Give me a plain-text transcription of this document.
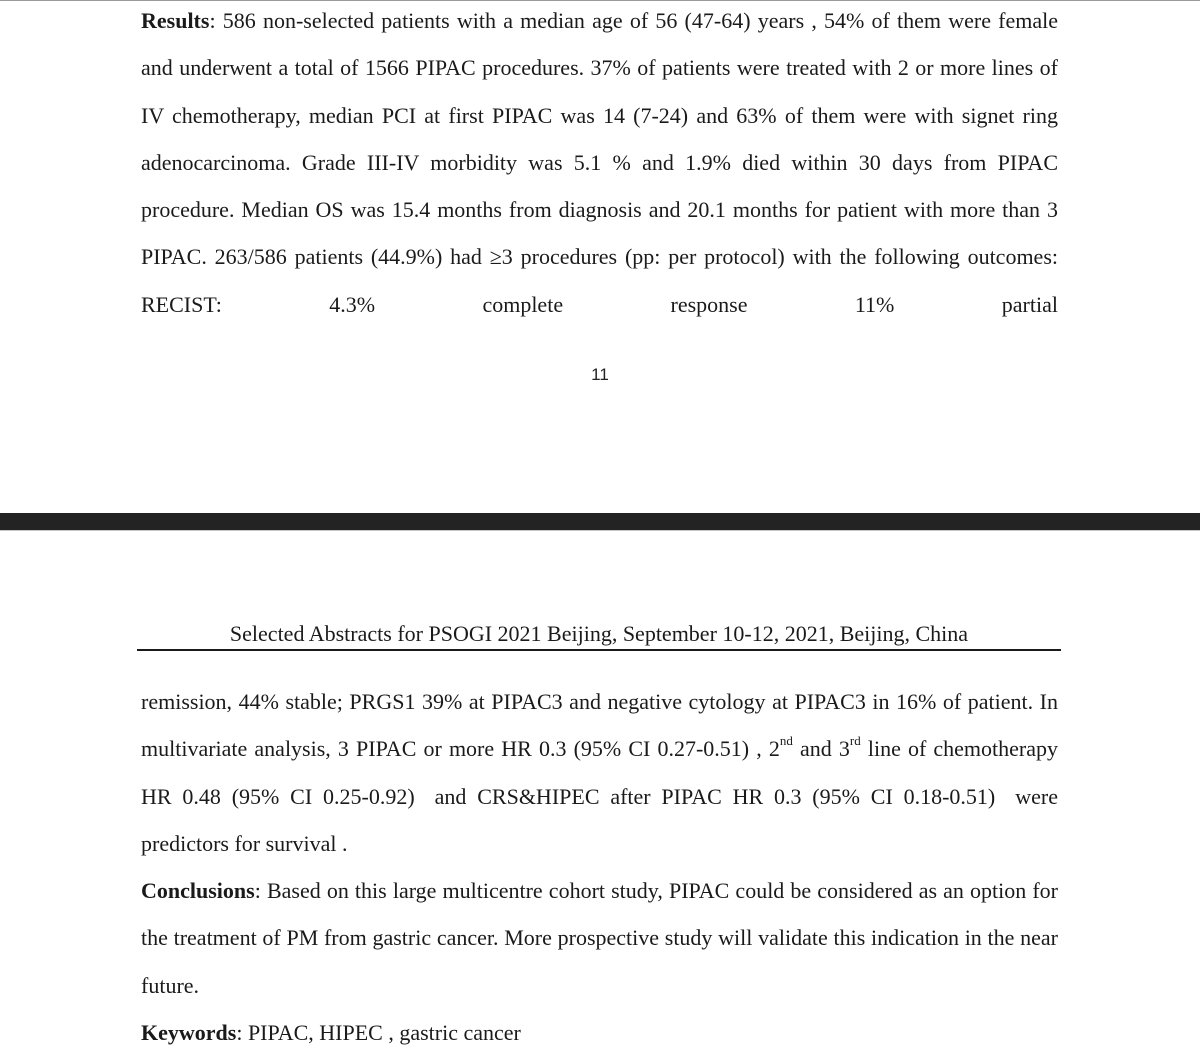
Results: 586 non-selected patients with a median age of 56 (47-64) years , 54% of them were female and underwent a total of 1566 PIPAC procedures. 37% of patients were treated with 2 or more lines of IV chemotherapy, median PCI at first PIPAC was 14 (7-24) and 63% of them were with signet ring adenocarcinoma. Grade III-IV morbidity was 5.1 % and 1.9% died within 30 days from PIPAC procedure. Median OS was 15.4 months from diagnosis and 20.1 months for patient with more than 3 PIPAC. 263/586 patients (44.9%) had ≥3 procedures (pp: per protocol) with the following outcomes: RECIST: 4.3% complete response 11% partial

11
Selected Abstracts for PSOGI 2021 Beijing, September 10-12, 2021, Beijing, China

remission, 44% stable; PRGS1 39% at PIPAC3 and negative cytology at PIPAC3 in 16% of patient. In multivariate analysis, 3 PIPAC or more HR 0.3 (95% CI 0.27-0.51) , 2nd and 3rd line of chemotherapy HR 0.48 (95% CI 0.25-0.92) and CRS&HIPEC after PIPAC HR 0.3 (95% CI 0.18-0.51) were predictors for survival .

Conclusions: Based on this large multicentre cohort study, PIPAC could be considered as an option for the treatment of PM from gastric cancer. More prospective study will validate this indication in the near future.

Keywords: PIPAC, HIPEC , gastric cancer
